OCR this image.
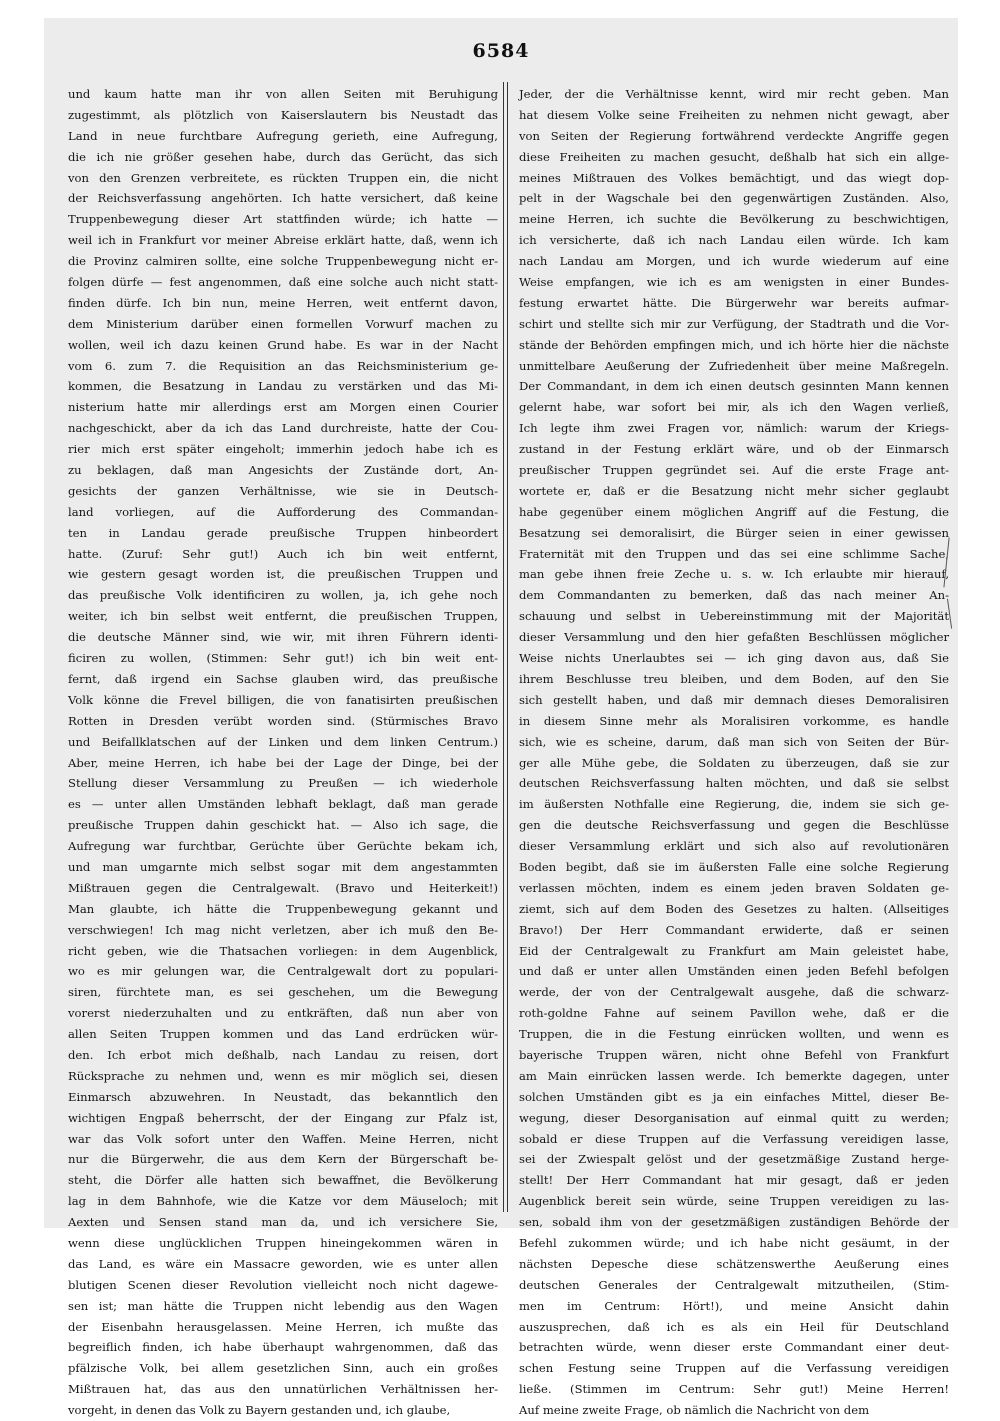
6584
und kaum hatte man ihr von allen Seiten mit Beruhigung
zugestimmt, als plötzlich von Kaiserslautern bis Neustadt das
Land in neue furchtbare Aufregung gerieth, eine Aufregung,
die ich nie größer gesehen habe, durch das Gerücht, das sich
von den Grenzen verbreitete, es rückten Truppen ein, die nicht
der Reichsverfassung angehörten. Ich hatte versichert, daß keine
Truppenbewegung dieser Art stattfinden würde; ich hatte —
weil ich in Frankfurt vor meiner Abreise erklärt hatte, daß, wenn ich
die Provinz calmiren sollte, eine solche Truppenbewegung nicht er-
folgen dürfe — fest angenommen, daß eine solche auch nicht statt-
finden dürfe. Ich bin nun, meine Herren, weit entfernt davon,
dem Ministerium darüber einen formellen Vorwurf machen zu
wollen, weil ich dazu keinen Grund habe. Es war in der Nacht
vom 6. zum 7. die Requisition an das Reichsministerium ge-
kommen, die Besatzung in Landau zu verstärken und das Mi-
nisterium hatte mir allerdings erst am Morgen einen Courier
nachgeschickt, aber da ich das Land durchreiste, hatte der Cou-
rier mich erst später eingeholt; immerhin jedoch habe ich es
zu beklagen, daß man Angesichts der Zustände dort, An-
gesichts der ganzen Verhältnisse, wie sie in Deutsch-
land vorliegen, auf die Aufforderung des Commandan-
ten in Landau gerade preußische Truppen hinbeordert
hatte. (Zuruf: Sehr gut!) Auch ich bin weit entfernt,
wie gestern gesagt worden ist, die preußischen Truppen und
das preußische Volk identificiren zu wollen, ja, ich gehe noch
weiter, ich bin selbst weit entfernt, die preußischen Truppen,
die deutsche Männer sind, wie wir, mit ihren Führern identi-
ficiren zu wollen, (Stimmen: Sehr gut!) ich bin weit ent-
fernt, daß irgend ein Sachse glauben wird, das preußische
Volk könne die Frevel billigen, die von fanatisirten preußischen
Rotten in Dresden verübt worden sind. (Stürmisches Bravo
und Beifallklatschen auf der Linken und dem linken Centrum.)
Aber, meine Herren, ich habe bei der Lage der Dinge, bei der
Stellung dieser Versammlung zu Preußen — ich wiederhole
es — unter allen Umständen lebhaft beklagt, daß man gerade
preußische Truppen dahin geschickt hat. — Also ich sage, die
Aufregung war furchtbar, Gerüchte über Gerüchte bekam ich,
und man umgarnte mich selbst sogar mit dem angestammten
Mißtrauen gegen die Centralgewalt. (Bravo und Heiterkeit!)
Man glaubte, ich hätte die Truppenbewegung gekannt und
verschwiegen! Ich mag nicht verletzen, aber ich muß den Be-
richt geben, wie die Thatsachen vorliegen: in dem Augenblick,
wo es mir gelungen war, die Centralgewalt dort zu populari-
siren, fürchtete man, es sei geschehen, um die Bewegung
vorerst niederzuhalten und zu entkräften, daß nun aber von
allen Seiten Truppen kommen und das Land erdrücken wür-
den. Ich erbot mich deßhalb, nach Landau zu reisen, dort
Rücksprache zu nehmen und, wenn es mir möglich sei, diesen
Einmarsch abzuwehren. In Neustadt, das bekanntlich den
wichtigen Engpaß beherrscht, der der Eingang zur Pfalz ist,
war das Volk sofort unter den Waffen. Meine Herren, nicht
nur die Bürgerwehr, die aus dem Kern der Bürgerschaft be-
steht, die Dörfer alle hatten sich bewaffnet, die Bevölkerung
lag in dem Bahnhofe, wie die Katze vor dem Mäuseloch; mit
Aexten und Sensen stand man da, und ich versichere Sie,
wenn diese unglücklichen Truppen hineingekommen wären in
das Land, es wäre ein Massacre geworden, wie es unter allen
blutigen Scenen dieser Revolution vielleicht noch nicht dagewe-
sen ist; man hätte die Truppen nicht lebendig aus den Wagen
der Eisenbahn herausgelassen. Meine Herren, ich mußte das
begreiflich finden, ich habe überhaupt wahrgenommen, daß das
pfälzische Volk, bei allem gesetzlichen Sinn, auch ein großes
Mißtrauen hat, das aus den unnatürlichen Verhältnissen her-
vorgeht, in denen das Volk zu Bayern gestanden und, ich glaube,
Jeder, der die Verhältnisse kennt, wird mir recht geben. Man
hat diesem Volke seine Freiheiten zu nehmen nicht gewagt, aber
von Seiten der Regierung fortwährend verdeckte Angriffe gegen
diese Freiheiten zu machen gesucht, deßhalb hat sich ein allge-
meines Mißtrauen des Volkes bemächtigt, und das wiegt dop-
pelt in der Wagschale bei den gegenwärtigen Zuständen. Also,
meine Herren, ich suchte die Bevölkerung zu beschwichtigen,
ich versicherte, daß ich nach Landau eilen würde. Ich kam
nach Landau am Morgen, und ich wurde wiederum auf eine
Weise empfangen, wie ich es am wenigsten in einer Bundes-
festung erwartet hätte. Die Bürgerwehr war bereits aufmar-
schirt und stellte sich mir zur Verfügung, der Stadtrath und die Vor-
stände der Behörden empfingen mich, und ich hörte hier die nächste
unmittelbare Aeußerung der Zufriedenheit über meine Maßregeln.
Der Commandant, in dem ich einen deutsch gesinnten Mann kennen
gelernt habe, war sofort bei mir, als ich den Wagen verließ,
Ich legte ihm zwei Fragen vor, nämlich: warum der Kriegs-
zustand in der Festung erklärt wäre, und ob der Einmarsch
preußischer Truppen gegründet sei. Auf die erste Frage ant-
wortete er, daß er die Besatzung nicht mehr sicher geglaubt
habe gegenüber einem möglichen Angriff auf die Festung, die
Besatzung sei demoralisirt, die Bürger seien in einer gewissen
Fraternität mit den Truppen und das sei eine schlimme Sache,
man gebe ihnen freie Zeche u. s. w. Ich erlaubte mir hierauf,
dem Commandanten zu bemerken, daß das nach meiner An-
schauung und selbst in Uebereinstimmung mit der Majorität
dieser Versammlung und den hier gefaßten Beschlüssen möglicher
Weise nichts Unerlaubtes sei — ich ging davon aus, daß Sie
ihrem Beschlusse treu bleiben, und dem Boden, auf den Sie
sich gestellt haben, und daß mir demnach dieses Demoralisiren
in diesem Sinne mehr als Moralisiren vorkomme, es handle
sich, wie es scheine, darum, daß man sich von Seiten der Bür-
ger alle Mühe gebe, die Soldaten zu überzeugen, daß sie zur
deutschen Reichsverfassung halten möchten, und daß sie selbst
im äußersten Nothfalle eine Regierung, die, indem sie sich ge-
gen die deutsche Reichsverfassung und gegen die Beschlüsse
dieser Versammlung erklärt und sich also auf revolutionären
Boden begibt, daß sie im äußersten Falle eine solche Regierung
verlassen möchten, indem es einem jeden braven Soldaten ge-
ziemt, sich auf dem Boden des Gesetzes zu halten. (Allseitiges
Bravo!) Der Herr Commandant erwiderte, daß er seinen
Eid der Centralgewalt zu Frankfurt am Main geleistet habe,
und daß er unter allen Umständen einen jeden Befehl befolgen
werde, der von der Centralgewalt ausgehe, daß die schwarz-
roth-goldne Fahne auf seinem Pavillon wehe, daß er die
Truppen, die in die Festung einrücken wollten, und wenn es
bayerische Truppen wären, nicht ohne Befehl von Frankfurt
am Main einrücken lassen werde. Ich bemerkte dagegen, unter
solchen Umständen gibt es ja ein einfaches Mittel, dieser Be-
wegung, dieser Desorganisation auf einmal quitt zu werden;
sobald er diese Truppen auf die Verfassung vereidigen lasse,
sei der Zwiespalt gelöst und der gesetzmäßige Zustand herge-
stellt! Der Herr Commandant hat mir gesagt, daß er jeden
Augenblick bereit sein würde, seine Truppen vereidigen zu las-
sen, sobald ihm von der gesetzmäßigen zuständigen Behörde der
Befehl zukommen würde; und ich habe nicht gesäumt, in der
nächsten Depesche diese schätzenswerthe Aeußerung eines
deutschen Generales der Centralgewalt mitzutheilen, (Stim-
men im Centrum: Hört!), und meine Ansicht dahin
auszusprechen, daß ich es als ein Heil für Deutschland
betrachten würde, wenn dieser erste Commandant einer deut-
schen Festung seine Truppen auf die Verfassung vereidigen
ließe. (Stimmen im Centrum: Sehr gut!) Meine Herren!
Auf meine zweite Frage, ob nämlich die Nachricht von dem
